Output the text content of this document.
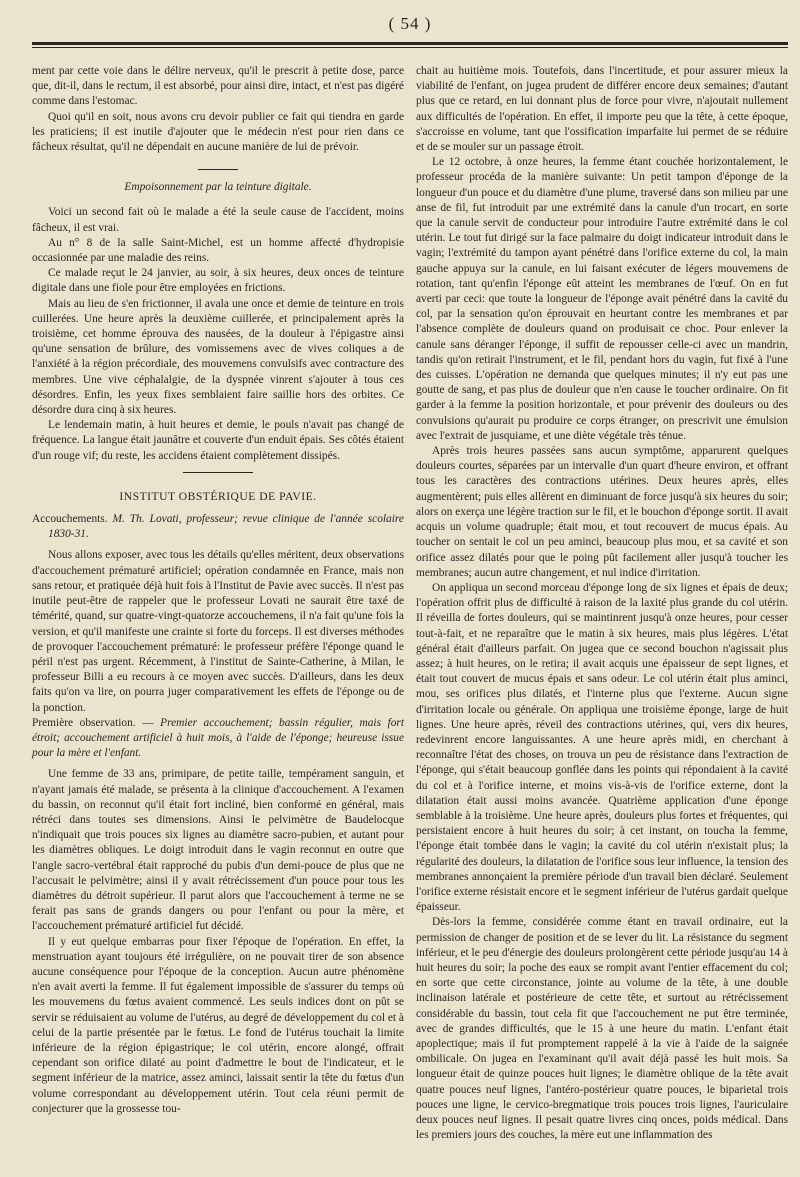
( 54 )

ment par cette voie dans le délire nerveux, qu'il le prescrit à petite dose, parce que, dit-il, dans le rectum, il est absorbé, pour ainsi dire, intact, et n'est pas digéré comme dans l'estomac.

Quoi qu'il en soit, nous avons cru devoir publier ce fait qui tiendra en garde les praticiens; il est inutile d'ajouter que le médecin n'est pour rien dans ce fâcheux résultat, qu'il ne dépendait en aucune manière de lui de prévoir.

Empoisonnement par la teinture digitale.

Voici un second fait où le malade a été la seule cause de l'accident, moins fâcheux, il est vrai.

Au n° 8 de la salle Saint-Michel, est un homme affecté d'hydropisie occasionnée par une maladie des reins.

Ce malade reçut le 24 janvier, au soir, à six heures, deux onces de teinture digitale dans une fiole pour être employées en frictions.

Mais au lieu de s'en frictionner, il avala une once et demie de teinture en trois cuillerées. Une heure après la deuxième cuillerée, et principalement après la troisième, cet homme éprouva des nausées, de la douleur à l'épigastre ainsi qu'une sensation de brûlure, des vomissemens avec de vives coliques a de l'anxiété à la région précordiale, des mouvemens convulsifs avec contracture des membres. Une vive céphalalgie, de la dyspnée vinrent s'ajouter à tous ces désordres. Enfin, les yeux fixes semblaient faire saillie hors des orbites. Ce désordre dura cinq à six heures.

Le lendemain matin, à huit heures et demie, le pouls n'avait pas changé de fréquence. La langue était jaunâtre et couverte d'un enduit épais. Ses côtés étaient d'un rouge vif; du reste, les accidens étaient complètement dissipés.

INSTITUT OBSTÉRIQUE DE PAVIE.

Accouchements. M. Th. Lovati, professeur; revue clinique de l'année scolaire 1830-31.

Nous allons exposer, avec tous les détails qu'elles méritent, deux observations d'accouchement prématuré artificiel; opération condamnée en France, mais non sans retour, et pratiquée déjà huit fois à l'Institut de Pavie avec succès. Il n'est pas inutile peut-être de rappeler que le professeur Lovati ne saurait être taxé de témérité, quand, sur quatre-vingt-quatorze accouchemens, il n'a fait qu'une fois la version, et qu'il manifeste une crainte si forte du forceps. Il est diverses méthodes de provoquer l'accouchement prématuré: le professeur préfère l'éponge quand le péril n'est pas urgent. Récemment, à l'institut de Sainte-Catherine, à Milan, le professeur Billi a eu recours à ce moyen avec succès. D'ailleurs, dans les deux faits qu'on va lire, on pourra juger comparativement les effets de l'éponge ou de la ponction.

Première observation. — Premier accouchement; bassin régulier, mais fort étroit; accouchement artificiel à huit mois, à l'aide de l'éponge; heureuse issue pour la mère et l'enfant.

Une femme de 33 ans, primipare, de petite taille, tempérament sanguin, et n'ayant jamais été malade, se présenta à la clinique d'accouchement. A l'examen du bassin, on reconnut qu'il était fort incliné, bien conformé en général, mais rétréci dans toutes ses dimensions. Ainsi le pelvimètre de Baudelocque n'indiquait que trois pouces six lignes au diamètre sacro-pubien, et autant pour les diamètres obliques. Le doigt introduit dans le vagin reconnut en outre que l'angle sacro-vertébral était rapproché du pubis d'un demi-pouce de plus que ne l'accusait le pelvimètre; ainsi il y avait rétrécissement d'un pouce pour tous les diamètres du détroit supérieur. Il parut alors que l'accouchement à terme ne se ferait pas sans de grands dangers ou pour l'enfant ou pour la mère, et l'accouchement prématuré artificiel fut décidé.

Il y eut quelque embarras pour fixer l'époque de l'opération. En effet, la menstruation ayant toujours été irrégulière, on ne pouvait tirer de son absence aucune conséquence pour l'époque de la conception. Aucun autre phénomène n'en avait averti la femme. Il fut également impossible de s'assurer du temps où les mouvemens du fœtus avaient commencé. Les seuls indices dont on pût se servir se réduisaient au volume de l'utérus, au degré de développement du col et à celui de la partie présentée par le fœtus. Le fond de l'utérus touchait la limite inférieure de la région épigastrique; le col utérin, encore alongé, offrait cependant son orifice dilaté au point d'admettre le bout de l'indicateur, et le segment inférieur de la matrice, assez aminci, laissait sentir la tête du fœtus d'un volume correspondant au développement utérin. Tout cela réuni permit de conjecturer que la grossesse tou-

chait au huitième mois. Toutefois, dans l'incertitude, et pour assurer mieux la viabilité de l'enfant, on jugea prudent de différer encore deux semaines; d'autant plus que ce retard, en lui donnant plus de force pour vivre, n'ajoutait nullement aux difficultés de l'opération. En effet, il importe peu que la tête, à cette époque, s'accroisse en volume, tant que l'ossification imparfaite lui permet de se réduire et de se mouler sur un passage étroit.

Le 12 octobre, à onze heures, la femme étant couchée horizontalement, le professeur procéda de la manière suivante: Un petit tampon d'éponge de la longueur d'un pouce et du diamètre d'une plume, traversé dans son milieu par une anse de fil, fut introduit par une extrémité dans la canule d'un trocart, en sorte que la canule servit de conducteur pour introduire l'autre extrémité dans le col utérin. Le tout fut dirigé sur la face palmaire du doigt indicateur introduit dans le vagin; l'extrémité du tampon ayant pénétré dans l'orifice externe du col, la main gauche appuya sur la canule, en lui faisant exécuter de légers mouvemens de rotation, tant qu'enfin l'éponge eût atteint les membranes de l'œuf. On en fut averti par ceci: que toute la longueur de l'éponge avait pénétré dans la cavité du col, par la sensation qu'on éprouvait en heurtant contre les membranes et par l'absence complète de douleurs quand on produisait ce choc. Pour enlever la canule sans déranger l'éponge, il suffit de repousser celle-ci avec un mandrin, tandis qu'on retirait l'instrument, et le fil, pendant hors du vagin, fut fixé à l'une des cuisses. L'opération ne demanda que quelques minutes; il n'y eut pas une goutte de sang, et pas plus de douleur que n'en cause le toucher ordinaire. On fit garder à la femme la position horizontale, et pour prévenir des douleurs ou des convulsions qu'aurait pu produire ce corps étranger, on prescrivit une émulsion avec l'extrait de jusquiame, et une diète végétale très ténue.

Après trois heures passées sans aucun symptôme, apparurent quelques douleurs courtes, séparées par un intervalle d'un quart d'heure environ, et offrant tous les caractères des contractions utérines. Deux heures après, elles augmentèrent; puis elles allèrent en diminuant de force jusqu'à six heures du soir; alors on exerça une légère traction sur le fil, et le bouchon d'éponge sortit. Il avait acquis un volume quadruple; était mou, et tout recouvert de mucus épais. Au toucher on sentait le col un peu aminci, beaucoup plus mou, et sa cavité et son orifice assez dilatés pour que le poing pût facilement aller jusqu'à toucher les membranes; aucun autre changement, et nul indice d'irritation.

On appliqua un second morceau d'éponge long de six lignes et épais de deux; l'opération offrit plus de difficulté à raison de la laxité plus grande du col utérin. Il réveilla de fortes douleurs, qui se maintinrent jusqu'à onze heures, pour cesser tout-à-fait, et ne reparaître que le matin à six heures, mais plus légères. L'état général était d'ailleurs parfait. On jugea que ce second bouchon n'agissait plus assez; à huit heures, on le retira; il avait acquis une épaisseur de sept lignes, et était tout couvert de mucus épais et sans odeur. Le col utérin était plus aminci, mou, ses orifices plus dilatés, et l'interne plus que l'externe. Aucun signe d'irritation locale ou générale. On appliqua une troisième éponge, large de huit lignes. Une heure après, réveil des contractions utérines, qui, vers dix heures, redevinrent encore languissantes. A une heure après midi, en cherchant à reconnaître l'état des choses, on trouva un peu de résistance dans l'extraction de l'éponge, qui s'était beaucoup gonflée dans les points qui répondaient à la cavité du col et à l'orifice interne, et moins vis-à-vis de l'orifice externe, dont la dilatation était aussi moins avancée. Quatrième application d'une éponge semblable à la troisième. Une heure après, douleurs plus fortes et fréquentes, qui persistaient encore à huit heures du soir; à cet instant, on toucha la femme, l'éponge était tombée dans le vagin; la cavité du col utérin n'existait plus; la régularité des douleurs, la dilatation de l'orifice sous leur influence, la tension des membranes annonçaient la première période d'un travail bien déclaré. Seulement l'orifice externe résistait encore et le segment inférieur de l'utérus gardait quelque épaisseur.

Dès-lors la femme, considérée comme étant en travail ordinaire, eut la permission de changer de position et de se lever du lit. La résistance du segment inférieur, et le peu d'énergie des douleurs prolongèrent cette période jusqu'au 14 à huit heures du soir; la poche des eaux se rompit avant l'entier effacement du col; en sorte que cette circonstance, jointe au volume de la tête, à une double inclinaison latérale et postérieure de cette tête, et surtout au rétrécissement considérable du bassin, tout cela fit que l'accouchement ne put être terminée, avec de grandes difficultés, que le 15 à une heure du matin. L'enfant était apoplectique; mais il fut promptement rappelé à la vie à l'aide de la saignée ombilicale. On jugea en l'examinant qu'il avait déjà passé les huit mois. Sa longueur était de quinze pouces huit lignes; le diamètre oblique de la tête avait quatre pouces neuf lignes, l'antéro-postérieur quatre pouces, le biparietal trois pouces une ligne, le cervico-bregmatique trois pouces trois lignes, l'auriculaire deux pouces neuf lignes. Il pesait quatre livres cinq onces, poids médical. Dans les premiers jours des couches, la mère eut une inflammation des
